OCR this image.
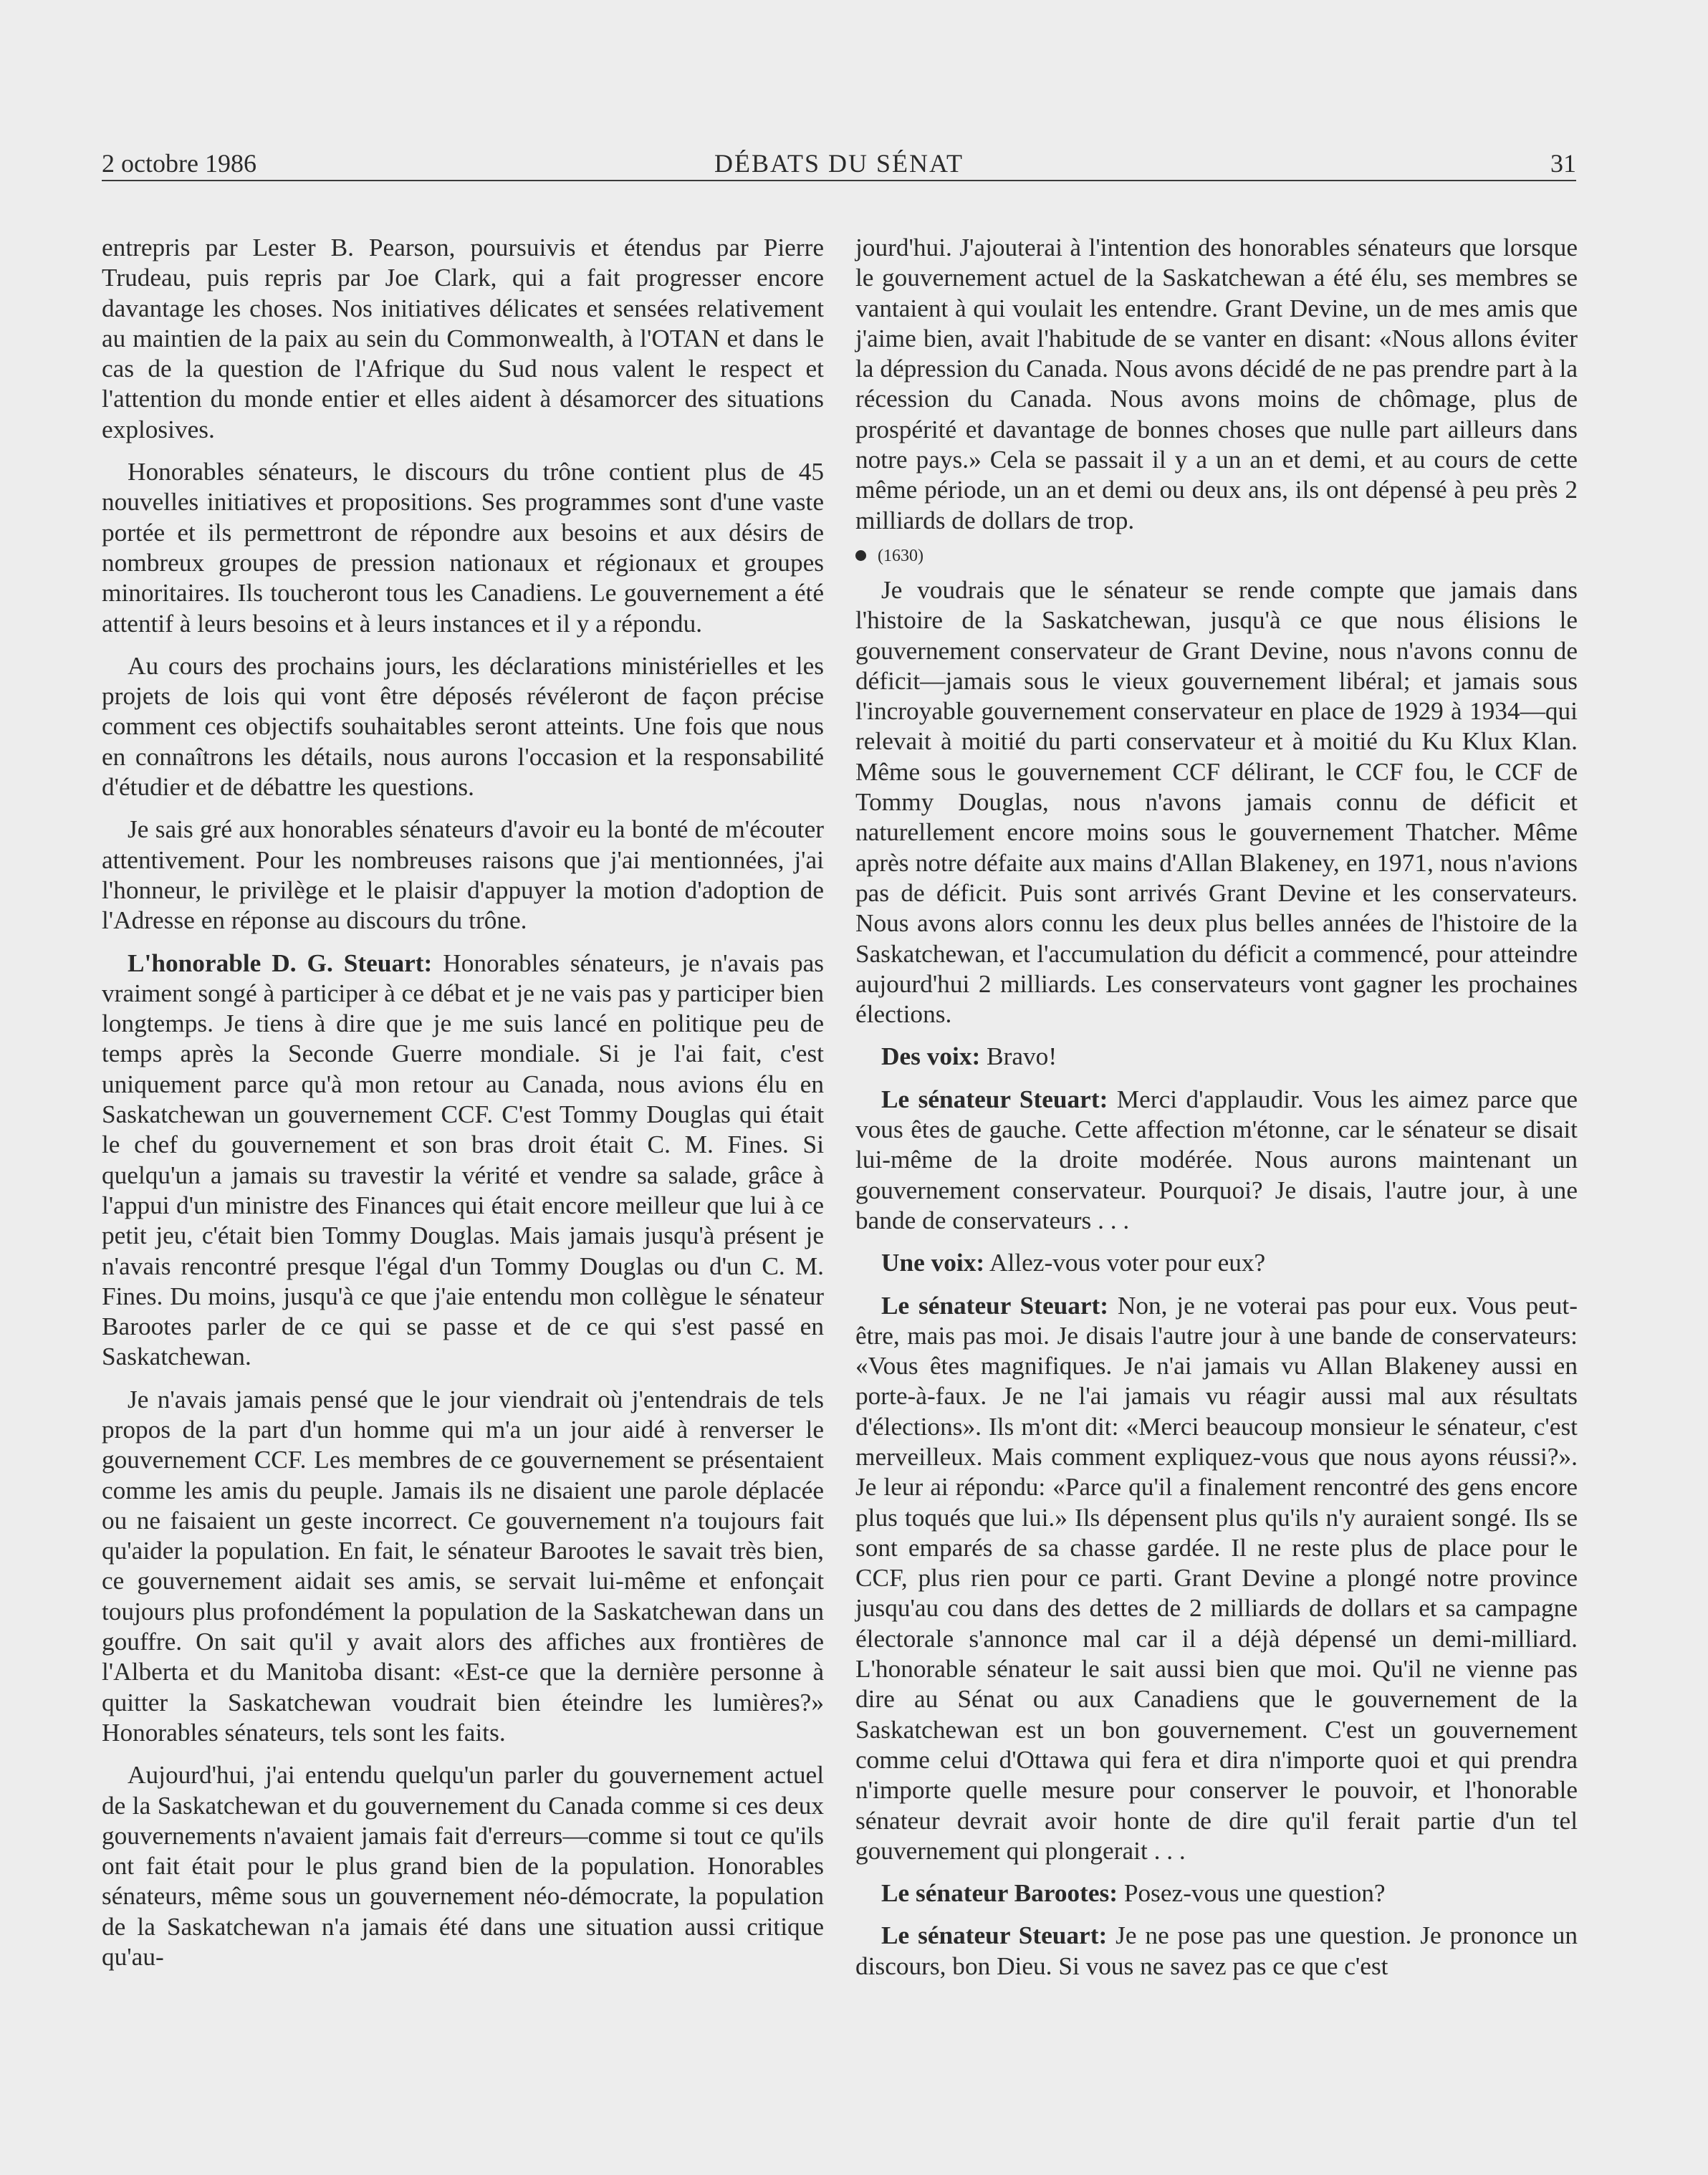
2 octobre 1986	DÉBATS DU SÉNAT	31

entrepris par Lester B. Pearson, poursuivis et étendus par Pierre Trudeau, puis repris par Joe Clark, qui a fait progresser encore davantage les choses. Nos initiatives délicates et sensées relativement au maintien de la paix au sein du Commonwealth, à l'OTAN et dans le cas de la question de l'Afrique du Sud nous valent le respect et l'attention du monde entier et elles aident à désamorcer des situations explosives.

Honorables sénateurs, le discours du trône contient plus de 45 nouvelles initiatives et propositions. Ses programmes sont d'une vaste portée et ils permettront de répondre aux besoins et aux désirs de nombreux groupes de pression nationaux et régionaux et groupes minoritaires. Ils toucheront tous les Canadiens. Le gouvernement a été attentif à leurs besoins et à leurs instances et il y a répondu.

Au cours des prochains jours, les déclarations ministérielles et les projets de lois qui vont être déposés révéleront de façon précise comment ces objectifs souhaitables seront atteints. Une fois que nous en connaîtrons les détails, nous aurons l'occasion et la responsabilité d'étudier et de débattre les questions.

Je sais gré aux honorables sénateurs d'avoir eu la bonté de m'écouter attentivement. Pour les nombreuses raisons que j'ai mentionnées, j'ai l'honneur, le privilège et le plaisir d'appuyer la motion d'adoption de l'Adresse en réponse au discours du trône.

L'honorable D. G. Steuart: Honorables sénateurs, je n'avais pas vraiment songé à participer à ce débat et je ne vais pas y participer bien longtemps. Je tiens à dire que je me suis lancé en politique peu de temps après la Seconde Guerre mondiale. Si je l'ai fait, c'est uniquement parce qu'à mon retour au Canada, nous avions élu en Saskatchewan un gouvernement CCF. C'est Tommy Douglas qui était le chef du gouvernement et son bras droit était C. M. Fines. Si quelqu'un a jamais su travestir la vérité et vendre sa salade, grâce à l'appui d'un ministre des Finances qui était encore meilleur que lui à ce petit jeu, c'était bien Tommy Douglas. Mais jamais jusqu'à présent je n'avais rencontré presque l'égal d'un Tommy Douglas ou d'un C. M. Fines. Du moins, jusqu'à ce que j'aie entendu mon collègue le sénateur Barootes parler de ce qui se passe et de ce qui s'est passé en Saskatchewan.

Je n'avais jamais pensé que le jour viendrait où j'entendrais de tels propos de la part d'un homme qui m'a un jour aidé à renverser le gouvernement CCF. Les membres de ce gouvernement se présentaient comme les amis du peuple. Jamais ils ne disaient une parole déplacée ou ne faisaient un geste incorrect. Ce gouvernement n'a toujours fait qu'aider la population. En fait, le sénateur Barootes le savait très bien, ce gouvernement aidait ses amis, se servait lui-même et enfonçait toujours plus profondément la population de la Saskatchewan dans un gouffre. On sait qu'il y avait alors des affiches aux frontières de l'Alberta et du Manitoba disant: «Est-ce que la dernière personne à quitter la Saskatchewan voudrait bien éteindre les lumières?» Honorables sénateurs, tels sont les faits.

Aujourd'hui, j'ai entendu quelqu'un parler du gouvernement actuel de la Saskatchewan et du gouvernement du Canada comme si ces deux gouvernements n'avaient jamais fait d'erreurs—comme si tout ce qu'ils ont fait était pour le plus grand bien de la population. Honorables sénateurs, même sous un gouvernement néo-démocrate, la population de la Saskatchewan n'a jamais été dans une situation aussi critique qu'au-

jourd'hui. J'ajouterai à l'intention des honorables sénateurs que lorsque le gouvernement actuel de la Saskatchewan a été élu, ses membres se vantaient à qui voulait les entendre. Grant Devine, un de mes amis que j'aime bien, avait l'habitude de se vanter en disant: «Nous allons éviter la dépression du Canada. Nous avons décidé de ne pas prendre part à la récession du Canada. Nous avons moins de chômage, plus de prospérité et davantage de bonnes choses que nulle part ailleurs dans notre pays.» Cela se passait il y a un an et demi, et au cours de cette même période, un an et demi ou deux ans, ils ont dépensé à peu près 2 milliards de dollars de trop.

(1630)

Je voudrais que le sénateur se rende compte que jamais dans l'histoire de la Saskatchewan, jusqu'à ce que nous élisions le gouvernement conservateur de Grant Devine, nous n'avons connu de déficit—jamais sous le vieux gouvernement libéral; et jamais sous l'incroyable gouvernement conservateur en place de 1929 à 1934—qui relevait à moitié du parti conservateur et à moitié du Ku Klux Klan. Même sous le gouvernement CCF délirant, le CCF fou, le CCF de Tommy Douglas, nous n'avons jamais connu de déficit et naturellement encore moins sous le gouvernement Thatcher. Même après notre défaite aux mains d'Allan Blakeney, en 1971, nous n'avions pas de déficit. Puis sont arrivés Grant Devine et les conservateurs. Nous avons alors connu les deux plus belles années de l'histoire de la Saskatchewan, et l'accumulation du déficit a commencé, pour atteindre aujourd'hui 2 milliards. Les conservateurs vont gagner les prochaines élections.

Des voix: Bravo!

Le sénateur Steuart: Merci d'applaudir. Vous les aimez parce que vous êtes de gauche. Cette affection m'étonne, car le sénateur se disait lui-même de la droite modérée. Nous aurons maintenant un gouvernement conservateur. Pourquoi? Je disais, l'autre jour, à une bande de conservateurs . . .

Une voix: Allez-vous voter pour eux?

Le sénateur Steuart: Non, je ne voterai pas pour eux. Vous peut-être, mais pas moi. Je disais l'autre jour à une bande de conservateurs: «Vous êtes magnifiques. Je n'ai jamais vu Allan Blakeney aussi en porte-à-faux. Je ne l'ai jamais vu réagir aussi mal aux résultats d'élections». Ils m'ont dit: «Merci beaucoup monsieur le sénateur, c'est merveilleux. Mais comment expliquez-vous que nous ayons réussi?». Je leur ai répondu: «Parce qu'il a finalement rencontré des gens encore plus toqués que lui.» Ils dépensent plus qu'ils n'y auraient songé. Ils se sont emparés de sa chasse gardée. Il ne reste plus de place pour le CCF, plus rien pour ce parti. Grant Devine a plongé notre province jusqu'au cou dans des dettes de 2 milliards de dollars et sa campagne électorale s'annonce mal car il a déjà dépensé un demi-milliard. L'honorable sénateur le sait aussi bien que moi. Qu'il ne vienne pas dire au Sénat ou aux Canadiens que le gouvernement de la Saskatchewan est un bon gouvernement. C'est un gouvernement comme celui d'Ottawa qui fera et dira n'importe quoi et qui prendra n'importe quelle mesure pour conserver le pouvoir, et l'honorable sénateur devrait avoir honte de dire qu'il ferait partie d'un tel gouvernement qui plongerait . . .

Le sénateur Barootes: Posez-vous une question?

Le sénateur Steuart: Je ne pose pas une question. Je prononce un discours, bon Dieu. Si vous ne savez pas ce que c'est
